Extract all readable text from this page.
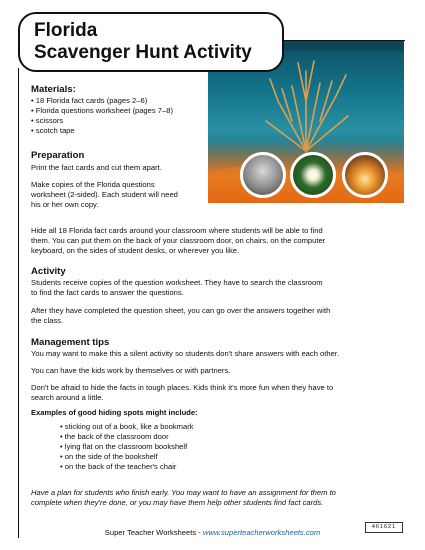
Florida
Scavenger Hunt Activity
Materials:
• 18 Florida fact cards (pages 2–6)
• Florida questions worksheet (pages 7–8)
• scissors
• scotch tape
Preparation
Print the fact cards and cut them apart.
Make copies of the Florida questions
worksheet (2-sided). Each student will need
his or her own copy.
Hide all 18 Florida fact cards around your classroom where students will be able to find
them. You can put them on the back of your classroom door, on chairs, on the computer
keyboard, on the sides of student desks, or wherever you like.
Activity
Students receive copies of the question worksheet. They have to search the classroom
to find the fact cards to answer the questions.
After they have completed the question sheet, you can go over the answers together with
the class.
Management tips
You may want to make this a silent activity so students don't share answers with each other.
You can have the kids work by themselves or with partners.
Don't be afraid to hide the facts in tough places. Kids think it's more fun when they have to
search around a little.
Examples of good hiding spots might include:
• sticking out of a book, like a bookmark
• the back of the classroom door
• lying flat on the classroom bookshelf
• on the side of the bookshelf
• on the back of the teacher's chair
Have a plan for students who finish early. You may want to have an assignment for them to
complete when they're done, or you may have them help other students find fact cards.
461621
Super Teacher Worksheets - www.superteacherworksheets.com
